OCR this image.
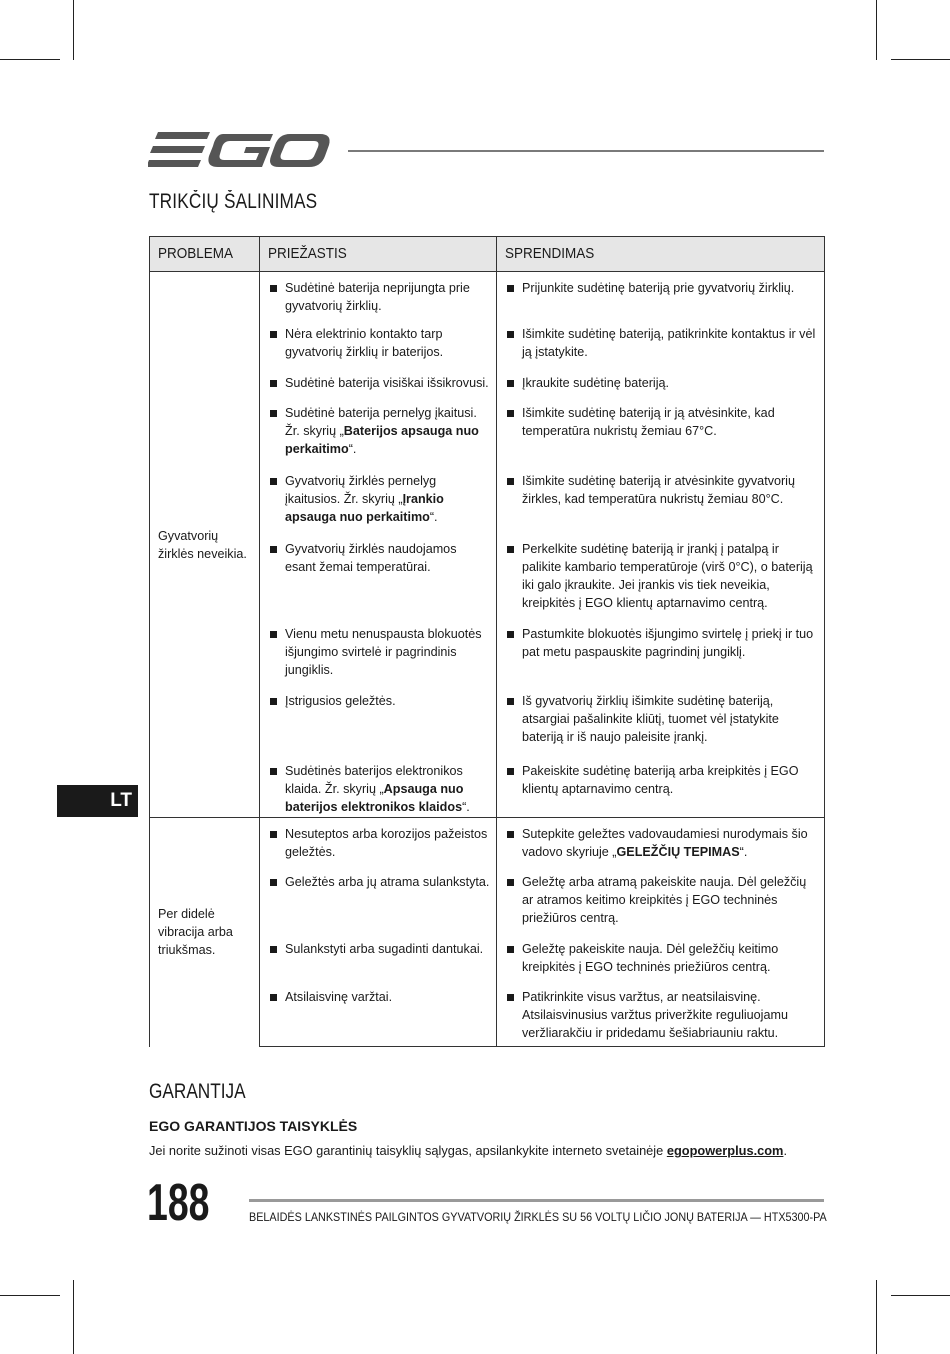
TRIKČIŲ ŠALINIMAS
PROBLEMA	PRIEŽASTIS	SPRENDIMAS
Gyvatvorių žirklės neveikia.	Sudėtinė baterija neprijungta prie gyvatvorių žirklių.	Prijunkite sudėtinę bateriją prie gyvatvorių žirklių.

	Nėra elektrinio kontakto tarp gyvatvorių žirklių ir baterijos.	Išimkite sudėtinę bateriją, patikrinkite kontaktus ir vėl ją įstatykite.

	Sudėtinė baterija visiškai išsikrovusi.	Įkraukite sudėtinę bateriją.

	Sudėtinė baterija pernelyg įkaitusi. Žr. skyrių „Baterijos apsauga nuo perkaitimo“.	Išimkite sudėtinę bateriją ir ją atvėsinkite, kad temperatūra nukristų žemiau 67°C.

	Gyvatvorių žirklės pernelyg įkaitusios. Žr. skyrių „Įrankio apsauga nuo perkaitimo“.	Išimkite sudėtinę bateriją ir atvėsinkite gyvatvorių žirkles, kad temperatūra nukristų žemiau 80°C.

	Gyvatvorių žirklės naudojamos esant žemai temperatūrai.	Perkelkite sudėtinę bateriją ir įrankį į patalpą ir palikite kambario temperatūroje (virš 0°C), o bateriją iki galo įkraukite. Jei įrankis vis tiek neveikia, kreipkitės į EGO klientų aptarnavimo centrą.

	Vienu metu nenuspausta blokuotės išjungimo svirtelė ir pagrindinis jungiklis.	Pastumkite blokuotės išjungimo svirtelę į priekį ir tuo pat metu paspauskite pagrindinį jungiklį.

	Įstrigusios geležtės.	Iš gyvatvorių žirklių išimkite sudėtinę bateriją, atsargiai pašalinkite kliūtį, tuomet vėl įstatykite bateriją ir iš naujo paleisite įrankį.

	Sudėtinės baterijos elektronikos klaida. Žr. skyrių „Apsauga nuo baterijos elektronikos klaidos“.	Pakeiskite sudėtinę bateriją arba kreipkitės į EGO klientų aptarnavimo centrą.

Per didelė vibracija arba triukšmas.	Nesuteptos arba korozijos pažeistos geležtės.	Sutepkite geležtes vadovaudamiesi nurodymais šio vadovo skyriuje „GELEŽČIŲ TEPIMAS“.

	Geležtės arba jų atrama sulankstyta.	Geležtę arba atramą pakeiskite nauja. Dėl geležčių ar atramos keitimo kreipkitės į EGO techninės priežiūros centrą.

	Sulankstyti arba sugadinti dantukai.	Geležtę pakeiskite nauja. Dėl geležčių keitimo kreipkitės į EGO techninės priežiūros centrą.

	Atsilaisvinę varžtai.	Patikrinkite visus varžtus, ar neatsilaisvinę. Atsilaisvinusius varžtus priveržkite reguliuojamu veržliarakčiu ir pridedamu šešiabriauniu raktu.
LT
GARANTIJA
EGO GARANTIJOS TAISYKLĖS

Jei norite sužinoti visas EGO garantinių taisyklių sąlygas, apsilankykite interneto svetainėje egopowerplus.com.

188	BELAIDĖS LANKSTINĖS PAILGINTOS GYVATVORIŲ ŽIRKLĖS SU 56 VOLTŲ LIČIO JONŲ BATERIJA — HTX5300-PA
